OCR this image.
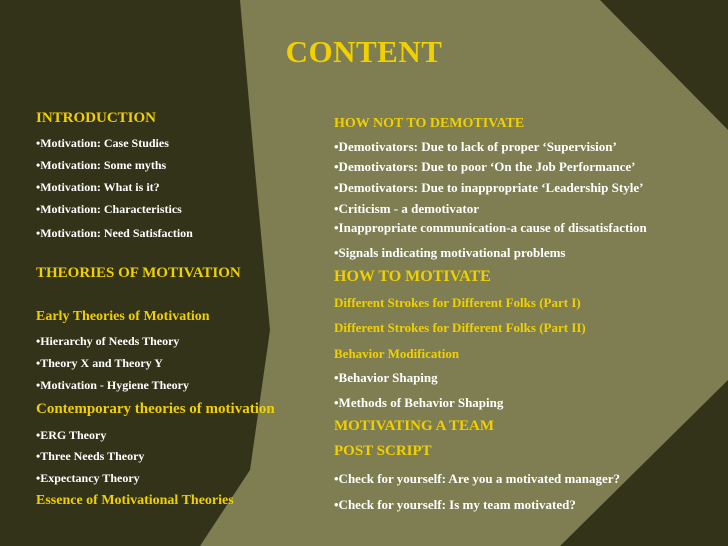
CONTENT
INTRODUCTION
•Motivation: Case Studies
•Motivation: Some myths
•Motivation: What is it?
•Motivation: Characteristics
•Motivation: Need Satisfaction
THEORIES OF MOTIVATION
Early Theories of Motivation
•Hierarchy of Needs Theory
•Theory X and Theory Y
•Motivation - Hygiene Theory
Contemporary theories of motivation
•ERG Theory
•Three Needs Theory
•Expectancy Theory
Essence of Motivational Theories
HOW NOT TO DEMOTIVATE
•Demotivators: Due to lack of proper ‘Supervision’
•Demotivators: Due to poor ‘On the Job Performance’
•Demotivators: Due to inappropriate ‘Leadership Style’
•Criticism - a demotivator
•Inappropriate communication-a cause of dissatisfaction
•Signals indicating motivational problems
HOW TO MOTIVATE
Different Strokes for Different Folks (Part I)
Different Strokes for Different Folks (Part II)
Behavior Modification
•Behavior Shaping
•Methods of Behavior Shaping
MOTIVATING A TEAM
POST SCRIPT
•Check for yourself: Are you a motivated manager?
•Check for yourself: Is my team motivated?
